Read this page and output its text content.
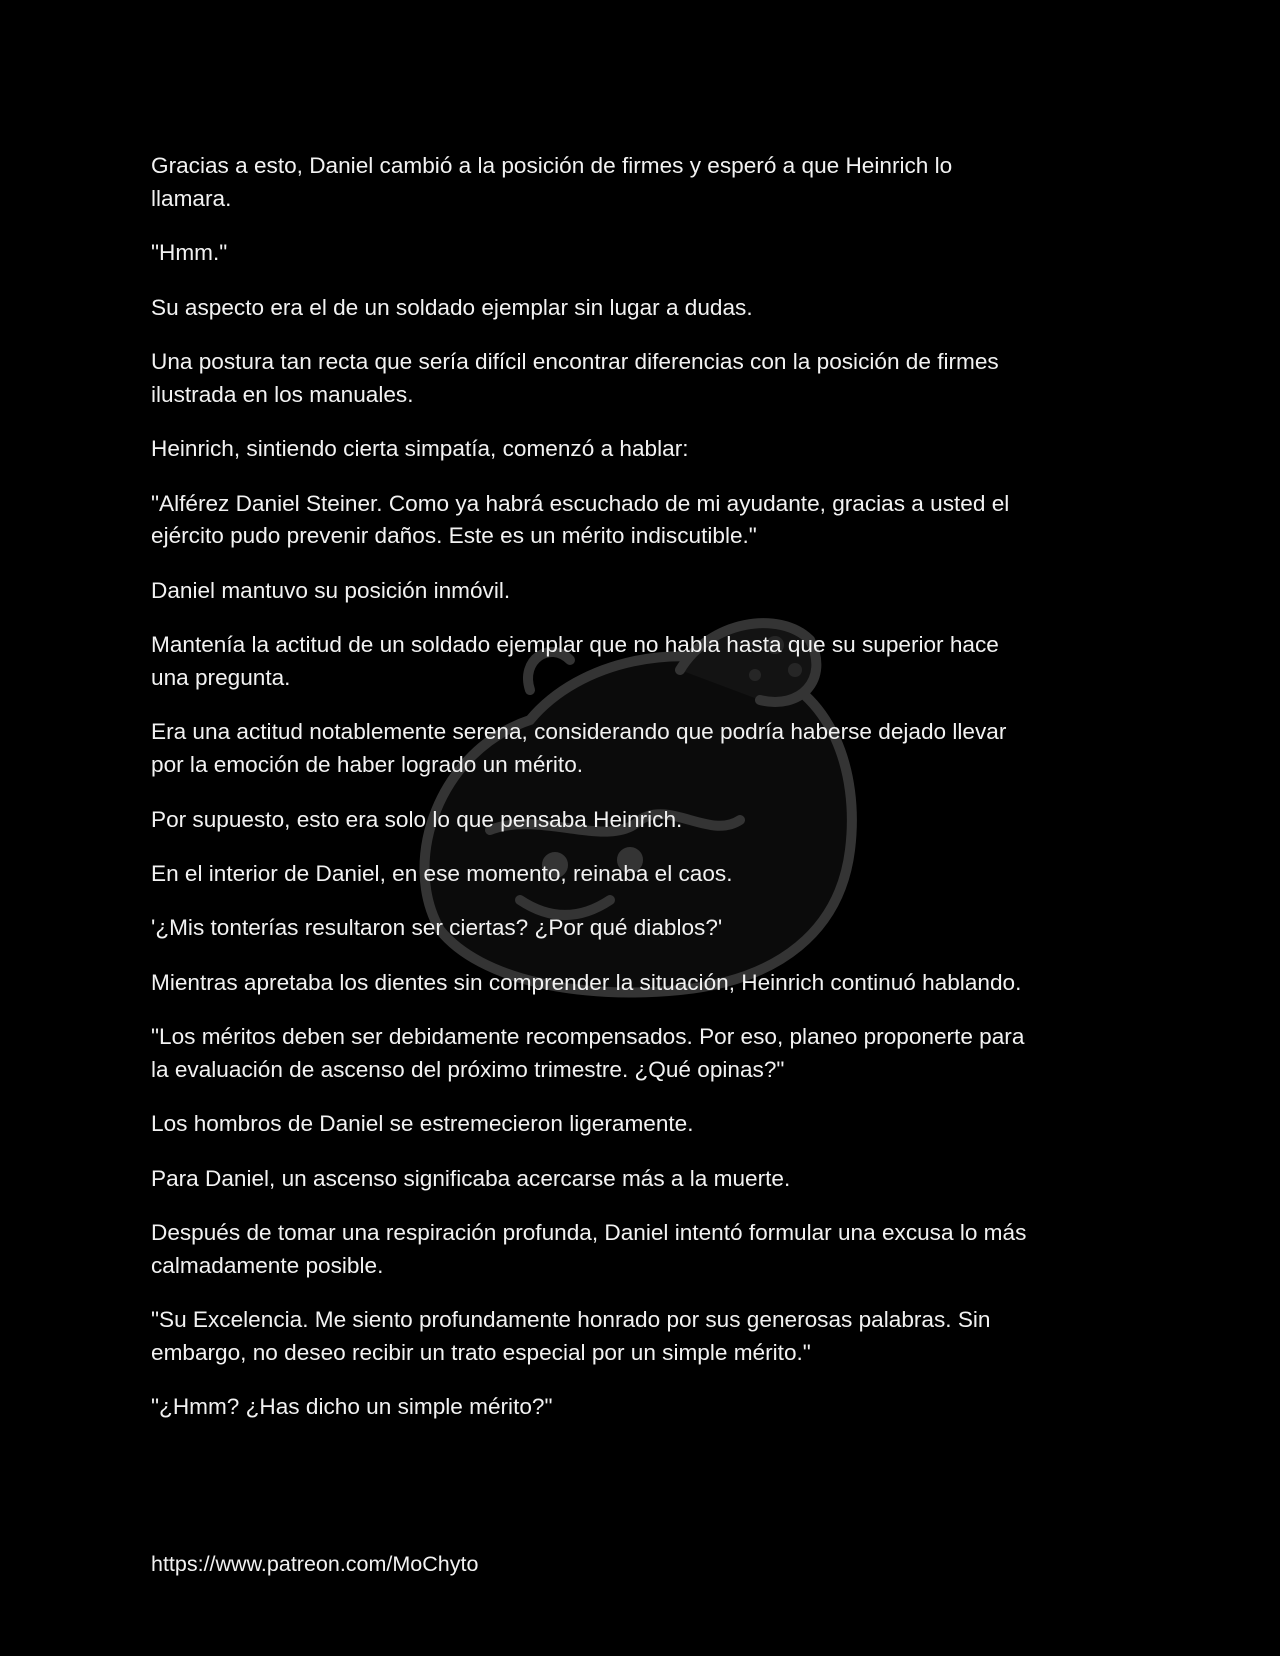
Gracias a esto, Daniel cambió a la posición de firmes y esperó a que Heinrich lo
llamara.

"Hmm."

Su aspecto era el de un soldado ejemplar sin lugar a dudas.

Una postura tan recta que sería difícil encontrar diferencias con la posición de firmes
ilustrada en los manuales.

Heinrich, sintiendo cierta simpatía, comenzó a hablar:

"Alférez Daniel Steiner. Como ya habrá escuchado de mi ayudante, gracias a usted el
ejército pudo prevenir daños. Este es un mérito indiscutible."

Daniel mantuvo su posición inmóvil.

Mantenía la actitud de un soldado ejemplar que no habla hasta que su superior hace
una pregunta.

Era una actitud notablemente serena, considerando que podría haberse dejado llevar
por la emoción de haber logrado un mérito.

Por supuesto, esto era solo lo que pensaba Heinrich.

En el interior de Daniel, en ese momento, reinaba el caos.

'¿Mis tonterías resultaron ser ciertas? ¿Por qué diablos?'

Mientras apretaba los dientes sin comprender la situación, Heinrich continuó hablando.

"Los méritos deben ser debidamente recompensados. Por eso, planeo proponerte para
la evaluación de ascenso del próximo trimestre. ¿Qué opinas?"

Los hombros de Daniel se estremecieron ligeramente.

Para Daniel, un ascenso significaba acercarse más a la muerte.

Después de tomar una respiración profunda, Daniel intentó formular una excusa lo más
calmadamente posible.

"Su Excelencia. Me siento profundamente honrado por sus generosas palabras. Sin
embargo, no deseo recibir un trato especial por un simple mérito."

"¿Hmm? ¿Has dicho un simple mérito?"

https://www.patreon.com/MoChyto
